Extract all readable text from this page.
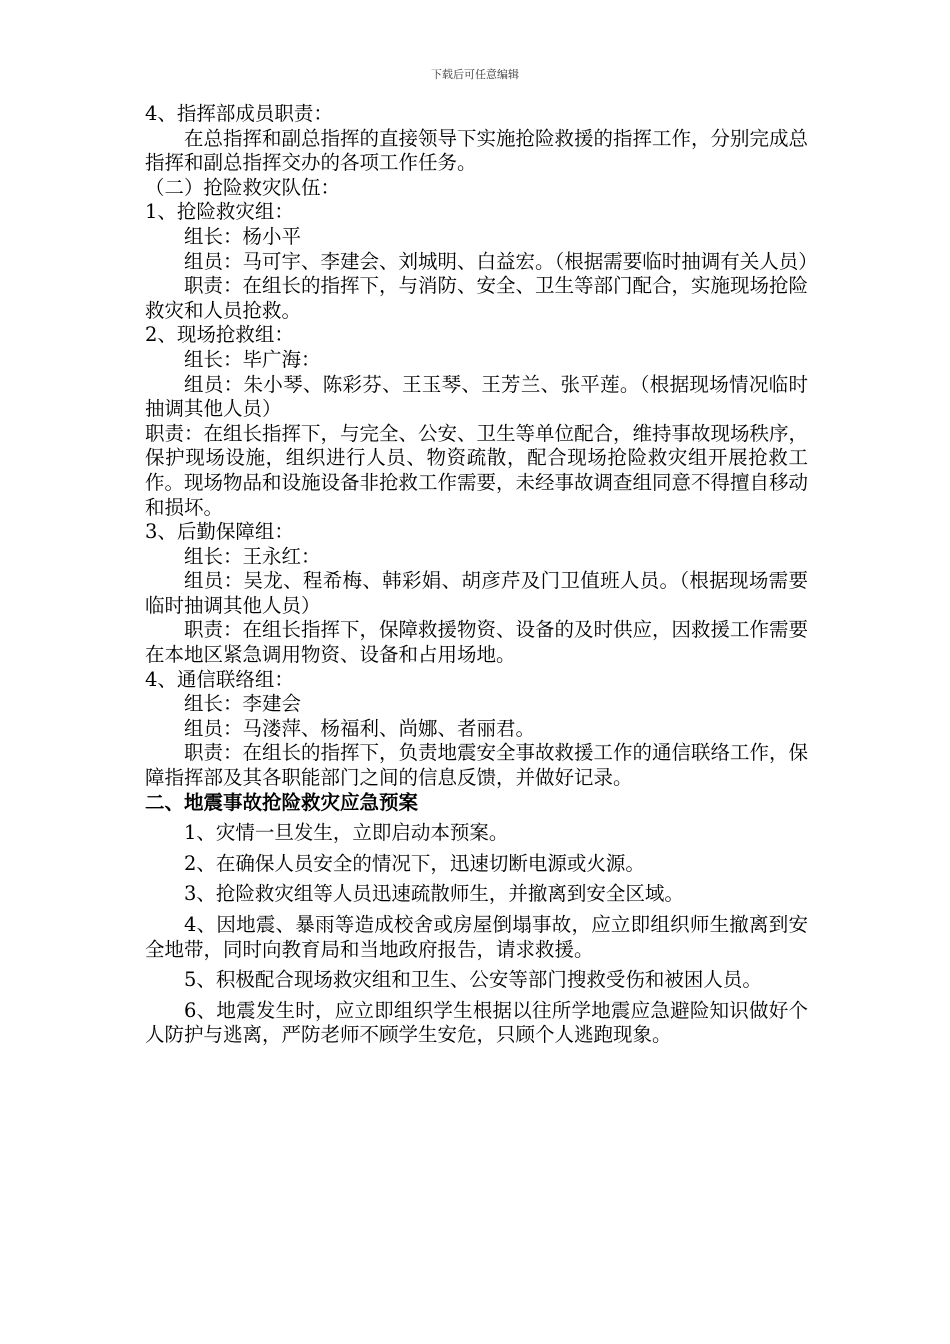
下载后可任意编辑

4、指挥部成员职责：

在总指挥和副总指挥的直接领导下实施抢险救援的指挥工作，分别完成总指挥和副总指挥交办的各项工作任务。

（二）抢险救灾队伍：

1、抢险救灾组：

组长：杨小平

组员：马可宇、李建会、刘城明、白益宏。（根据需要临时抽调有关人员）

职责：在组长的指挥下，与消防、安全、卫生等部门配合，实施现场抢险救灾和人员抢救。

2、现场抢救组：

组长：毕广海：

组员：朱小琴、陈彩芬、王玉琴、王芳兰、张平莲。（根据现场情况临时抽调其他人员）

职责：在组长指挥下，与完全、公安、卫生等单位配合，维持事故现场秩序，保护现场设施，组织进行人员、物资疏散，配合现场抢险救灾组开展抢救工作。现场物品和设施设备非抢救工作需要，未经事故调查组同意不得擅自移动和损坏。

3、后勤保障组：

组长：王永红：

组员：吴龙、程希梅、韩彩娟、胡彦芹及门卫值班人员。（根据现场需要临时抽调其他人员）

职责：在组长指挥下，保障救援物资、设备的及时供应，因救援工作需要在本地区紧急调用物资、设备和占用场地。

4、通信联络组：

组长：李建会

组员：马溇萍、杨福利、尚娜、者丽君。

职责：在组长的指挥下，负责地震安全事故救援工作的通信联络工作，保障指挥部及其各职能部门之间的信息反馈，并做好记录。

二、地震事故抢险救灾应急预案

1、灾情一旦发生，立即启动本预案。

2、在确保人员安全的情况下，迅速切断电源或火源。

3、抢险救灾组等人员迅速疏散师生，并撤离到安全区域。

4、因地震、暴雨等造成校舍或房屋倒塌事故，应立即组织师生撤离到安全地带，同时向教育局和当地政府报告，请求救援。

5、积极配合现场救灾组和卫生、公安等部门搜救受伤和被困人员。

6、地震发生时，应立即组织学生根据以往所学地震应急避险知识做好个人防护与逃离，严防老师不顾学生安危，只顾个人逃跑现象。
